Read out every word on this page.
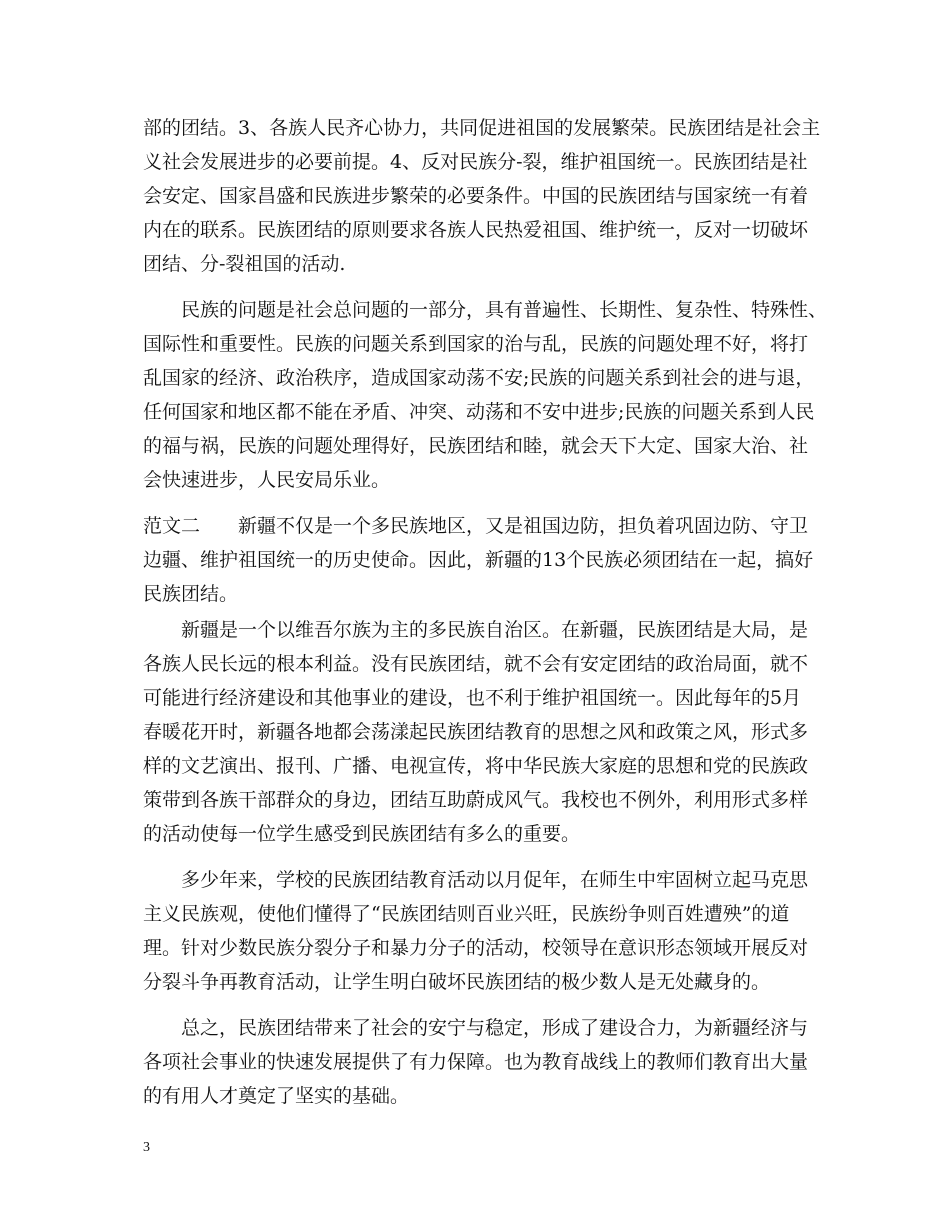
部的团结。3、各族人民齐心协力，共同促进祖国的发展繁荣。民族团结是社会主
义社会发展进步的必要前提。4、反对民族分-裂，维护祖国统一。民族团结是社
会安定、国家昌盛和民族进步繁荣的必要条件。中国的民族团结与国家统一有着
内在的联系。民族团结的原则要求各族人民热爱祖国、维护统一，反对一切破坏
团结、分-裂祖国的活动.
　　民族的问题是社会总问题的一部分，具有普遍性、长期性、复杂性、特殊性、
国际性和重要性。民族的问题关系到国家的治与乱，民族的问题处理不好，将打
乱国家的经济、政治秩序，造成国家动荡不安;民族的问题关系到社会的进与退，
任何国家和地区都不能在矛盾、冲突、动荡和不安中进步;民族的问题关系到人民
的福与祸，民族的问题处理得好，民族团结和睦，就会天下大定、国家大治、社
会快速进步，人民安局乐业。
范文二　　新疆不仅是一个多民族地区，又是祖国边防，担负着巩固边防、守卫
边疆、维护祖国统一的历史使命。因此，新疆的13个民族必须团结在一起，搞好
民族团结。
　　新疆是一个以维吾尔族为主的多民族自治区。在新疆，民族团结是大局，是
各族人民长远的根本利益。没有民族团结，就不会有安定团结的政治局面，就不
可能进行经济建设和其他事业的建设，也不利于维护祖国统一。因此每年的5月
春暖花开时，新疆各地都会荡漾起民族团结教育的思想之风和政策之风，形式多
样的文艺演出、报刊、广播、电视宣传，将中华民族大家庭的思想和党的民族政
策带到各族干部群众的身边，团结互助蔚成风气。我校也不例外，利用形式多样
的活动使每一位学生感受到民族团结有多么的重要。
　　多少年来，学校的民族团结教育活动以月促年，在师生中牢固树立起马克思
主义民族观，使他们懂得了“民族团结则百业兴旺，民族纷争则百姓遭殃”的道
理。针对少数民族分裂分子和暴力分子的活动，校领导在意识形态领域开展反对
分裂斗争再教育活动，让学生明白破坏民族团结的极少数人是无处藏身的。
　　总之，民族团结带来了社会的安宁与稳定，形成了建设合力，为新疆经济与
各项社会事业的快速发展提供了有力保障。也为教育战线上的教师们教育出大量
的有用人才奠定了坚实的基础。
3
